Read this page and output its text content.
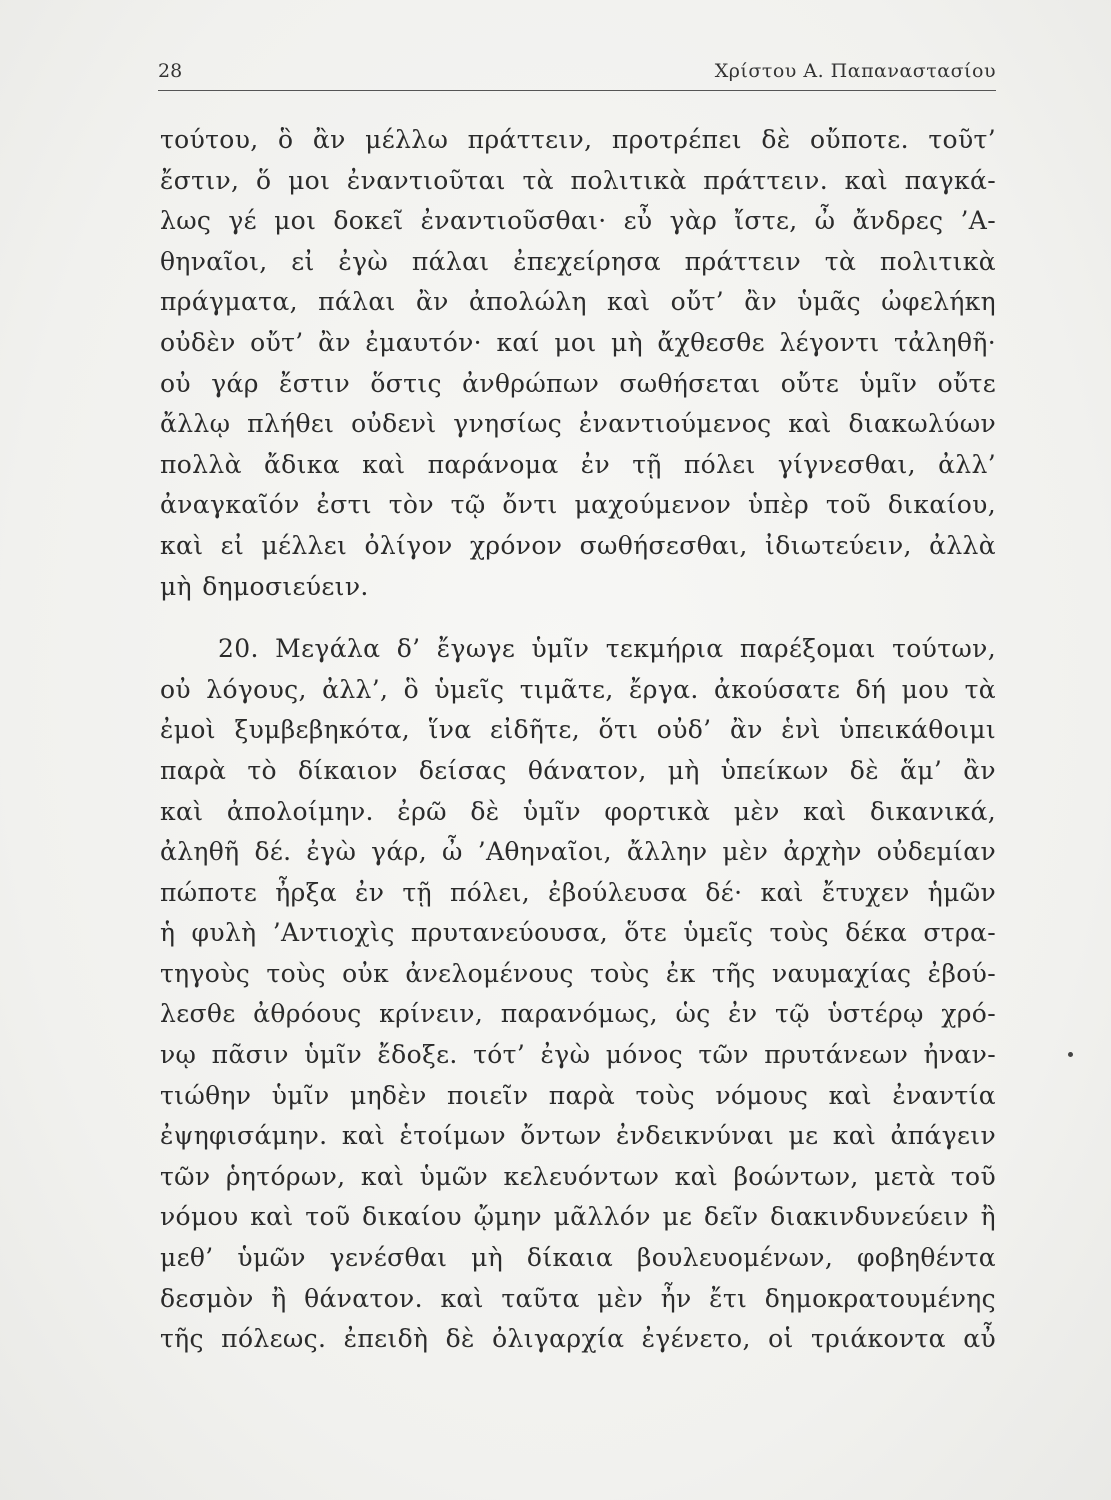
28	Χρίστου Α. Παπαναστασίου
τούτου, ὃ ἂν μέλλω πράττειν, προτρέπει δὲ οὔποτε. τοῦτ’
ἔστιν, ὅ μοι ἐναντιοῦται τὰ πολιτικὰ πράττειν. καὶ παγκά-
λως γέ μοι δοκεῖ ἐναντιοῦσθαι· εὖ γὰρ ἴστε, ὦ ἄνδρες ’Α-
θηναῖοι, εἰ ἐγὼ πάλαι ἐπεχείρησα πράττειν τὰ πολιτικὰ
πράγματα, πάλαι ἂν ἀπολώλη καὶ οὔτ’ ἂν ὑμᾶς ὠφελήκη
οὐδὲν οὔτ’ ἂν ἐμαυτόν· καί μοι μὴ ἄχθεσθε λέγοντι τἀληθῆ·
οὐ γάρ ἔστιν ὅστις ἀνθρώπων σωθήσεται οὔτε ὑμῖν οὔτε
ἄλλῳ πλήθει οὐδενὶ γνησίως ἐναντιούμενος καὶ διακωλύων
πολλὰ ἄδικα καὶ παράνομα ἐν τῇ πόλει γίγνεσθαι, ἀλλ’
ἀναγκαῖόν ἐστι τὸν τῷ ὄντι μαχούμενον ὑπὲρ τοῦ δικαίου,
καὶ εἰ μέλλει ὀλίγον χρόνον σωθήσεσθαι, ἰδιωτεύειν, ἀλλὰ
μὴ δημοσιεύειν.
20. Μεγάλα δ’ ἔγωγε ὑμῖν τεκμήρια παρέξομαι τούτων,
οὐ λόγους, ἀλλ’, ὃ ὑμεῖς τιμᾶτε, ἔργα. ἀκούσατε δή μου τὰ
ἐμοὶ ξυμβεβηκότα, ἵνα εἰδῆτε, ὅτι οὐδ’ ἂν ἑνὶ ὑπεικάθοιμι
παρὰ τὸ δίκαιον δείσας θάνατον, μὴ ὑπείκων δὲ ἅμ’ ἂν
καὶ ἀπολοίμην. ἐρῶ δὲ ὑμῖν φορτικὰ μὲν καὶ δικανικά,
ἀληθῆ δέ. ἐγὼ γάρ, ὦ ’Αθηναῖοι, ἄλλην μὲν ἀρχὴν οὐδεμίαν
πώποτε ἦρξα ἐν τῇ πόλει, ἐβούλευσα δέ· καὶ ἔτυχεν ἡμῶν
ἡ φυλὴ ’Αντιοχὶς πρυτανεύουσα, ὅτε ὑμεῖς τοὺς δέκα στρα-
τηγοὺς τοὺς οὐκ ἀνελομένους τοὺς ἐκ τῆς ναυμαχίας ἐβού-
λεσθε ἀθρόους κρίνειν, παρανόμως, ὡς ἐν τῷ ὑστέρῳ χρό-
νῳ πᾶσιν ὑμῖν ἔδοξε. τότ’ ἐγὼ μόνος τῶν πρυτάνεων ἠναν-
τιώθην ὑμῖν μηδὲν ποιεῖν παρὰ τοὺς νόμους καὶ ἐναντία
ἐψηφισάμην. καὶ ἑτοίμων ὄντων ἐνδεικνύναι με καὶ ἀπάγειν
τῶν ῥητόρων, καὶ ὑμῶν κελευόντων καὶ βοώντων, μετὰ τοῦ
νόμου καὶ τοῦ δικαίου ᾤμην μᾶλλόν με δεῖν διακινδυνεύειν ἢ
μεθ’ ὑμῶν γενέσθαι μὴ δίκαια βουλευομένων, φοβηθέντα
δεσμὸν ἢ θάνατον. καὶ ταῦτα μὲν ἦν ἔτι δημοκρατουμένης
τῆς πόλεως. ἐπειδὴ δὲ ὀλιγαρχία ἐγένετο, οἱ τριάκοντα αὖ
